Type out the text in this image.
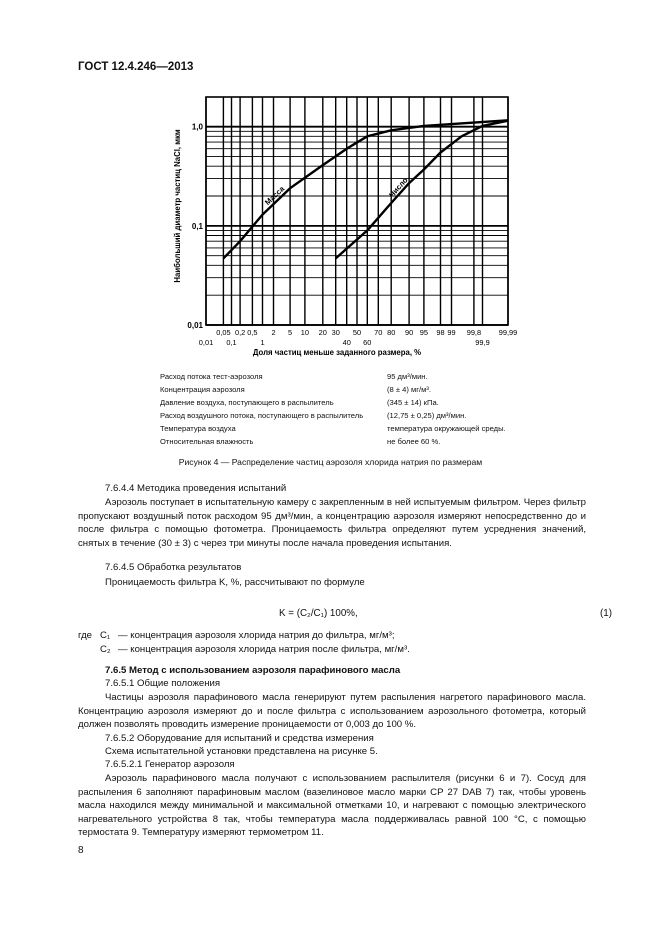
ГОСТ 12.4.246—2013
1,0
0,1
0,01
0,05 0,2 0,5 2 5 10 20 30 50 70 80 90 95 98 99 99,8 99,99
0,01 0,1	1	40 60	99,9
Доля частиц меньше заданного размера, %
Наибольший диаметр частиц NaCl, мкм	Масса	Число
Расход потока тест-аэрозоля	95 дм³/мин.
Концентрация аэрозоля	(8 ± 4) мг/м³.
Давление воздуха, поступающего в распылитель	(345 ± 14) кПа.
Расход воздушного потока, поступающего в распылитель	(12,75 ± 0,25) дм³/мин.
Температура воздуха	температура окружающей среды.
Относительная влажность	не более 60 %.
Рисунок 4 — Распределение частиц аэрозоля хлорида натрия по размерам
7.6.4.4 Методика проведения испытаний
Аэрозоль поступает в испытательную камеру с закрепленным в ней испытуемым фильтром. Через фильтр пропускают воздушный поток расходом 95 дм³/мин, а концентрацию аэрозоля измеряют непосредственно до и после фильтра с помощью фотометра. Проницаемость фильтра определяют путем усреднения значений, снятых в течение (30 ± 3) с через три минуты после начала проведения испытания.
7.6.4.5 Обработка результатов
Проницаемость фильтра K, %, рассчитывают по формуле
K = (C₂/C₁) 100%,	(1)
где C₁ — концентрация аэрозоля хлорида натрия до фильтра, мг/м³;
C₂ — концентрация аэрозоля хлорида натрия после фильтра, мг/м³.
7.6.5 Метод с использованием аэрозоля парафинового масла
7.6.5.1 Общие положения
Частицы аэрозоля парафинового масла генерируют путем распыления нагретого парафинового масла. Концентрацию аэрозоля измеряют до и после фильтра с использованием аэрозольного фотометра, который должен позволять проводить измерение проницаемости от 0,003 до 100 %.
7.6.5.2 Оборудование для испытаний и средства измерения
Схема испытательной установки представлена на рисунке 5.
7.6.5.2.1 Генератор аэрозоля
Аэрозоль парафинового масла получают с использованием распылителя (рисунки 6 и 7). Сосуд для распыления 6 заполняют парафиновым маслом (вазелиновое масло марки CP 27 DAB 7) так, чтобы уровень масла находился между минимальной и максимальной отметками 10, и нагревают с помощью электрического нагревательного устройства 8 так, чтобы температура масла поддерживалась равной 100 °C, с помощью термостата 9. Температуру измеряют термометром 11.
8
